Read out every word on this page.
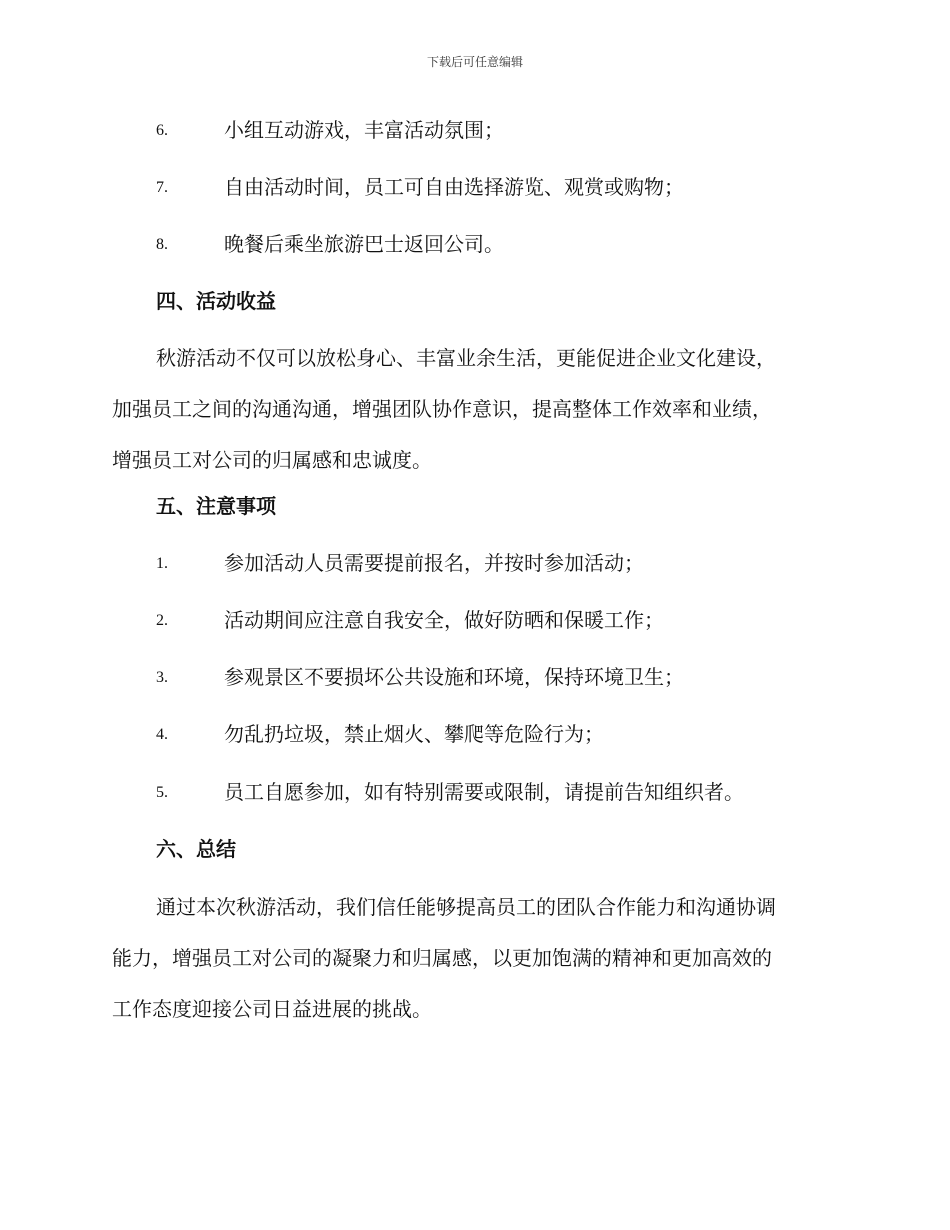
下载后可任意编辑
6.	小组互动游戏，丰富活动氛围；
7.	自由活动时间，员工可自由选择游览、观赏或购物；
8.	晚餐后乘坐旅游巴士返回公司。
四、活动收益
秋游活动不仅可以放松身心、丰富业余生活，更能促进企业文化建设，
加强员工之间的沟通沟通，增强团队协作意识，提高整体工作效率和业绩，
增强员工对公司的归属感和忠诚度。
五、注意事项
1.	参加活动人员需要提前报名，并按时参加活动；
2.	活动期间应注意自我安全，做好防晒和保暖工作；
3.	参观景区不要损坏公共设施和环境，保持环境卫生；
4.	勿乱扔垃圾，禁止烟火、攀爬等危险行为；
5.	员工自愿参加，如有特别需要或限制，请提前告知组织者。
六、总结
通过本次秋游活动，我们信任能够提高员工的团队合作能力和沟通协调
能力，增强员工对公司的凝聚力和归属感，以更加饱满的精神和更加高效的
工作态度迎接公司日益进展的挑战。
